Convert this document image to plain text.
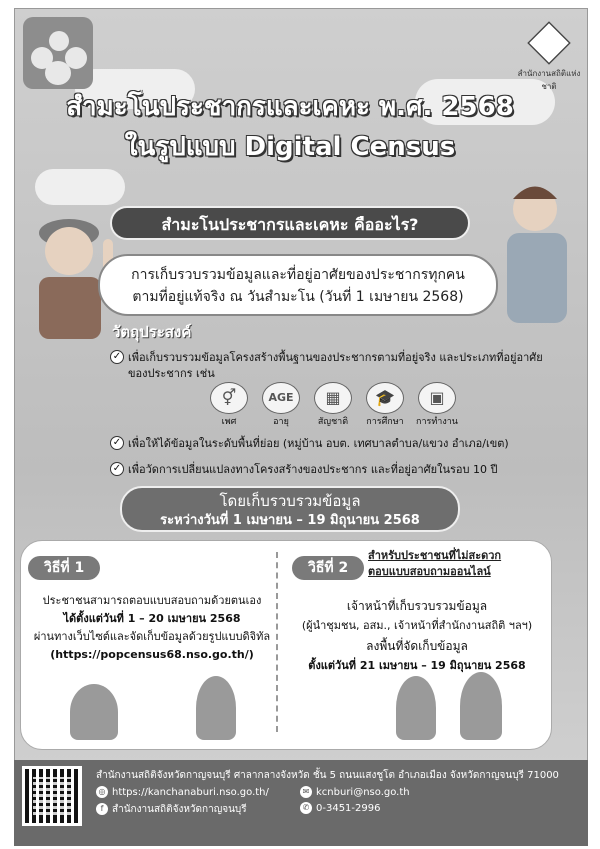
สำนักงานสถิติแห่งชาติ
สำมะโนประชากรและเคหะ พ.ศ. 2568
ในรูปแบบ Digital Census
สำมะโนประชากรและเคหะ คืออะไร?
การเก็บรวบรวมข้อมูลและที่อยู่อาศัยของประชากรทุกคน
ตามที่อยู่แท้จริง ณ วันสำมะโน (วันที่ 1 เมษายน 2568)
วัตถุประสงค์
✓ เพื่อเก็บรวบรวมข้อมูลโครงสร้างพื้นฐานของประชากรตามที่อยู่จริง และประเภทที่อยู่อาศัยของประชากร เช่น
⚥
เพศ
AGE
อายุ
▦
สัญชาติ
🎓
การศึกษา
▣
การทำงาน
✓ เพื่อให้ได้ข้อมูลในระดับพื้นที่ย่อย (หมู่บ้าน อบต. เทศบาลตำบล/แขวง อำเภอ/เขต)
✓ เพื่อวัดการเปลี่ยนแปลงทางโครงสร้างของประชากร และที่อยู่อาศัยในรอบ 10 ปี
โดยเก็บรวบรวมข้อมูล
ระหว่างวันที่ 1 เมษายน – 19 มิถุนายน 2568
วิธีที่ 1
ประชาชนสามารถตอบแบบสอบถามด้วยตนเอง
ได้ตั้งแต่วันที่ 1 – 20 เมษายน 2568
ผ่านทางเว็บไซต์และจัดเก็บข้อมูลด้วยรูปแบบดิจิทัล
(https://popcensus68.nso.go.th/)
วิธีที่ 2
สำหรับประชาชนที่ไม่สะดวก
ตอบแบบสอบถามออนไลน์
เจ้าหน้าที่เก็บรวบรวมข้อมูล
(ผู้นำชุมชน, อสม., เจ้าหน้าที่สำนักงานสถิติ ฯลฯ)
ลงพื้นที่จัดเก็บข้อมูล
ตั้งแต่วันที่ 21 เมษายน – 19 มิถุนายน 2568
สำนักงานสถิติจังหวัดกาญจนบุรี ศาลากลางจังหวัด ชั้น 5 ถนนแสงชูโต อำเภอเมือง จังหวัดกาญจนบุรี 71000
◎ https://kanchanaburi.nso.go.th/
f สำนักงานสถิติจังหวัดกาญจนบุรี
✉ kcnburi@nso.go.th
✆ 0-3451-2996
